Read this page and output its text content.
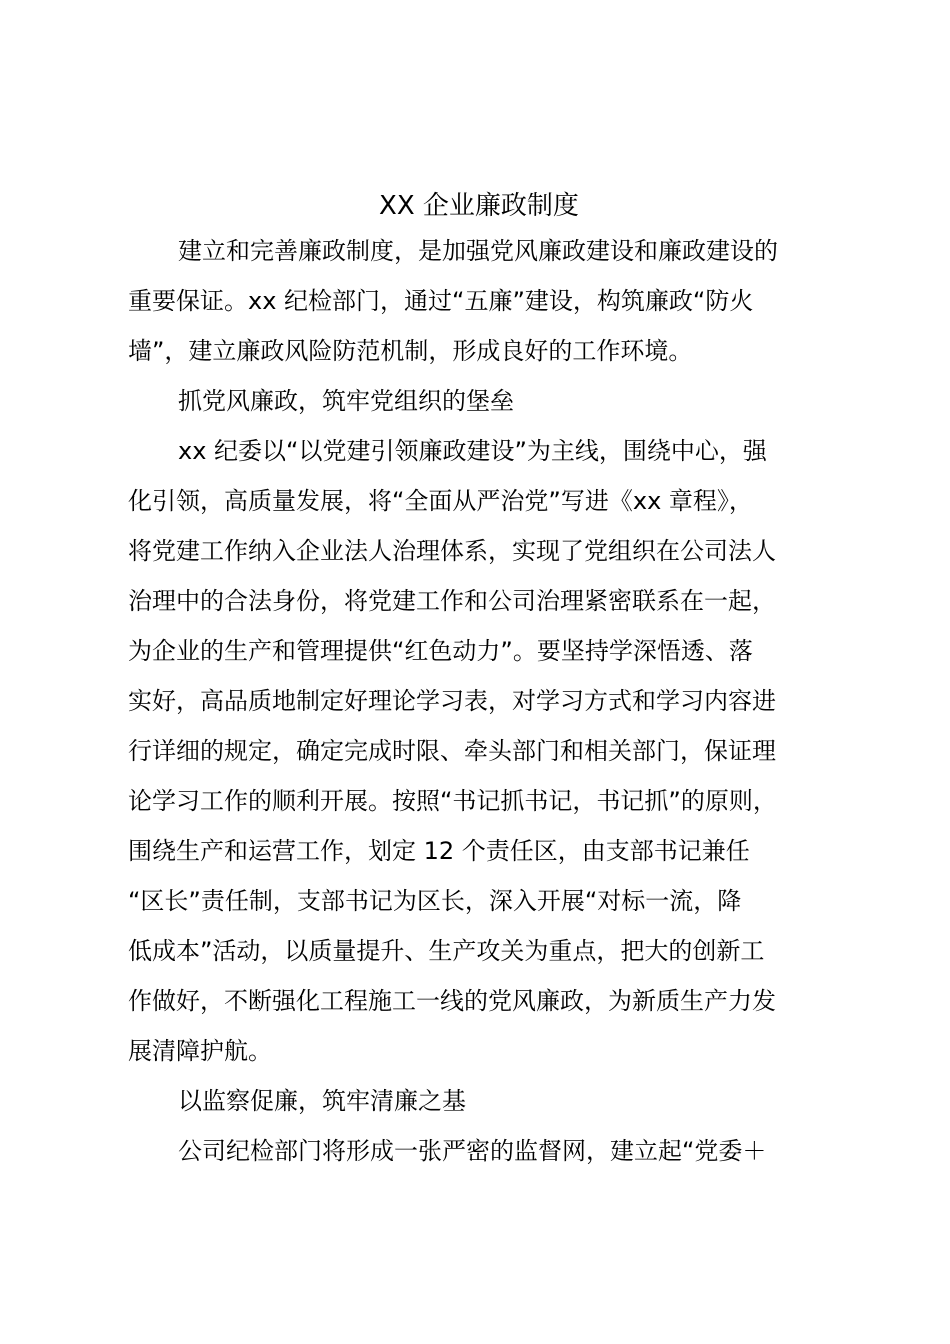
XX 企业廉政制度
建立和完善廉政制度，是加强党风廉政建设和廉政建设的
重要保证。xx 纪检部门，通过“五廉”建设，构筑廉政“防火
墙”，建立廉政风险防范机制，形成良好的工作环境。
抓党风廉政，筑牢党组织的堡垒
xx 纪委以“以党建引领廉政建设”为主线，围绕中心，强
化引领，高质量发展，将“全面从严治党”写进《xx 章程》，
将党建工作纳入企业法人治理体系，实现了党组织在公司法人
治理中的合法身份，将党建工作和公司治理紧密联系在一起，
为企业的生产和管理提供“红色动力”。要坚持学深悟透、落
实好，高品质地制定好理论学习表，对学习方式和学习内容进
行详细的规定，确定完成时限、牵头部门和相关部门，保证理
论学习工作的顺利开展。按照“书记抓书记，书记抓”的原则，
围绕生产和运营工作，划定 12 个责任区，由支部书记兼任
“区长”责任制，支部书记为区长，深入开展“对标一流，降
低成本”活动，以质量提升、生产攻关为重点，把大的创新工
作做好，不断强化工程施工一线的党风廉政，为新质生产力发
展清障护航。
以监察促廉，筑牢清廉之基
公司纪检部门将形成一张严密的监督网，建立起“党委＋
